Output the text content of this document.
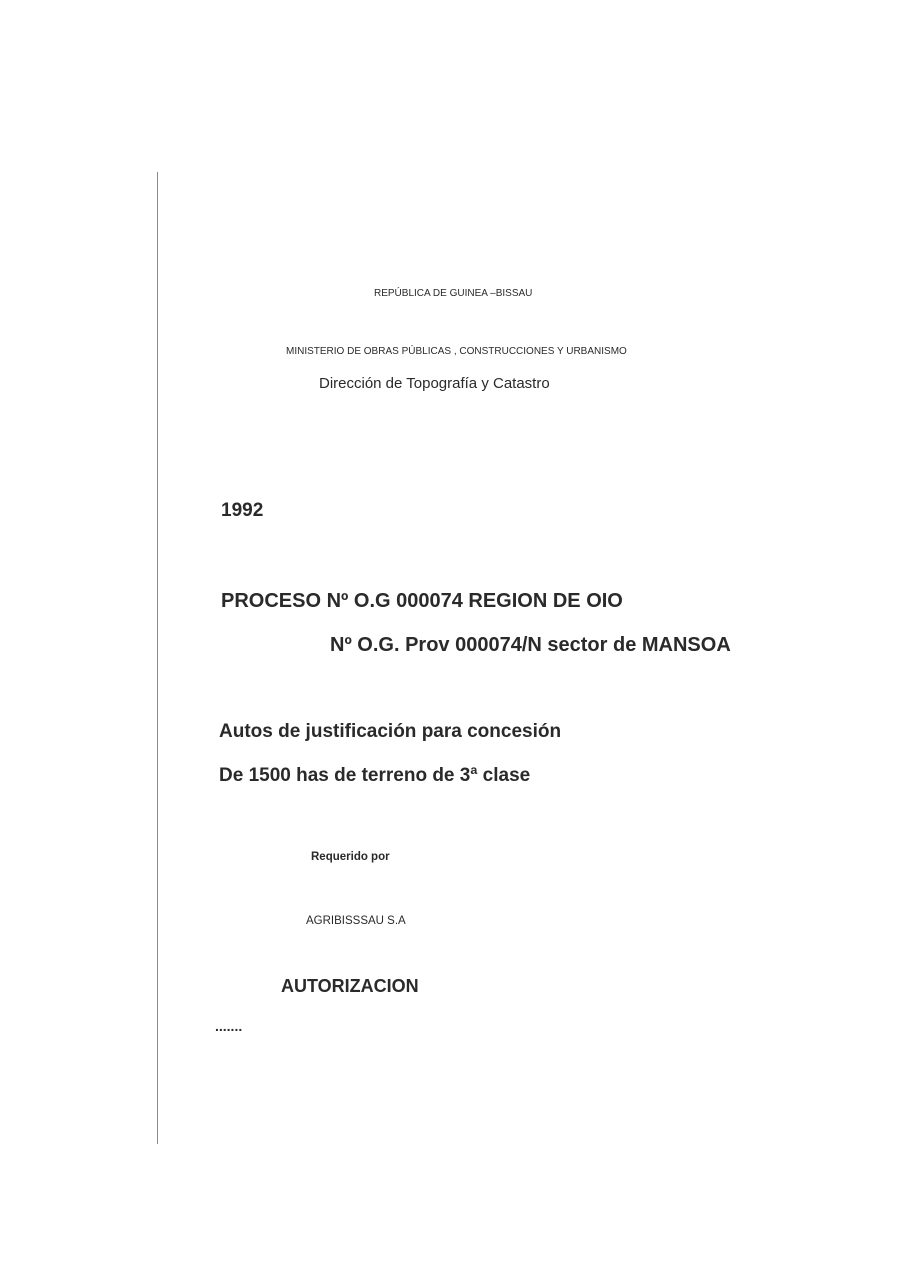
REPÚBLICA DE GUINEA –BISSAU
MINISTERIO DE OBRAS PÚBLICAS , CONSTRUCCIONES Y URBANISMO
Dirección de Topografía y Catastro
1992
PROCESO Nº O.G 000074 REGION DE OIO
Nº O.G. Prov 000074/N sector de MANSOA
Autos de justificación para concesión
De 1500 has de terreno de 3ª clase
Requerido por
AGRIBISSSAU S.A
AUTORIZACION
.......
